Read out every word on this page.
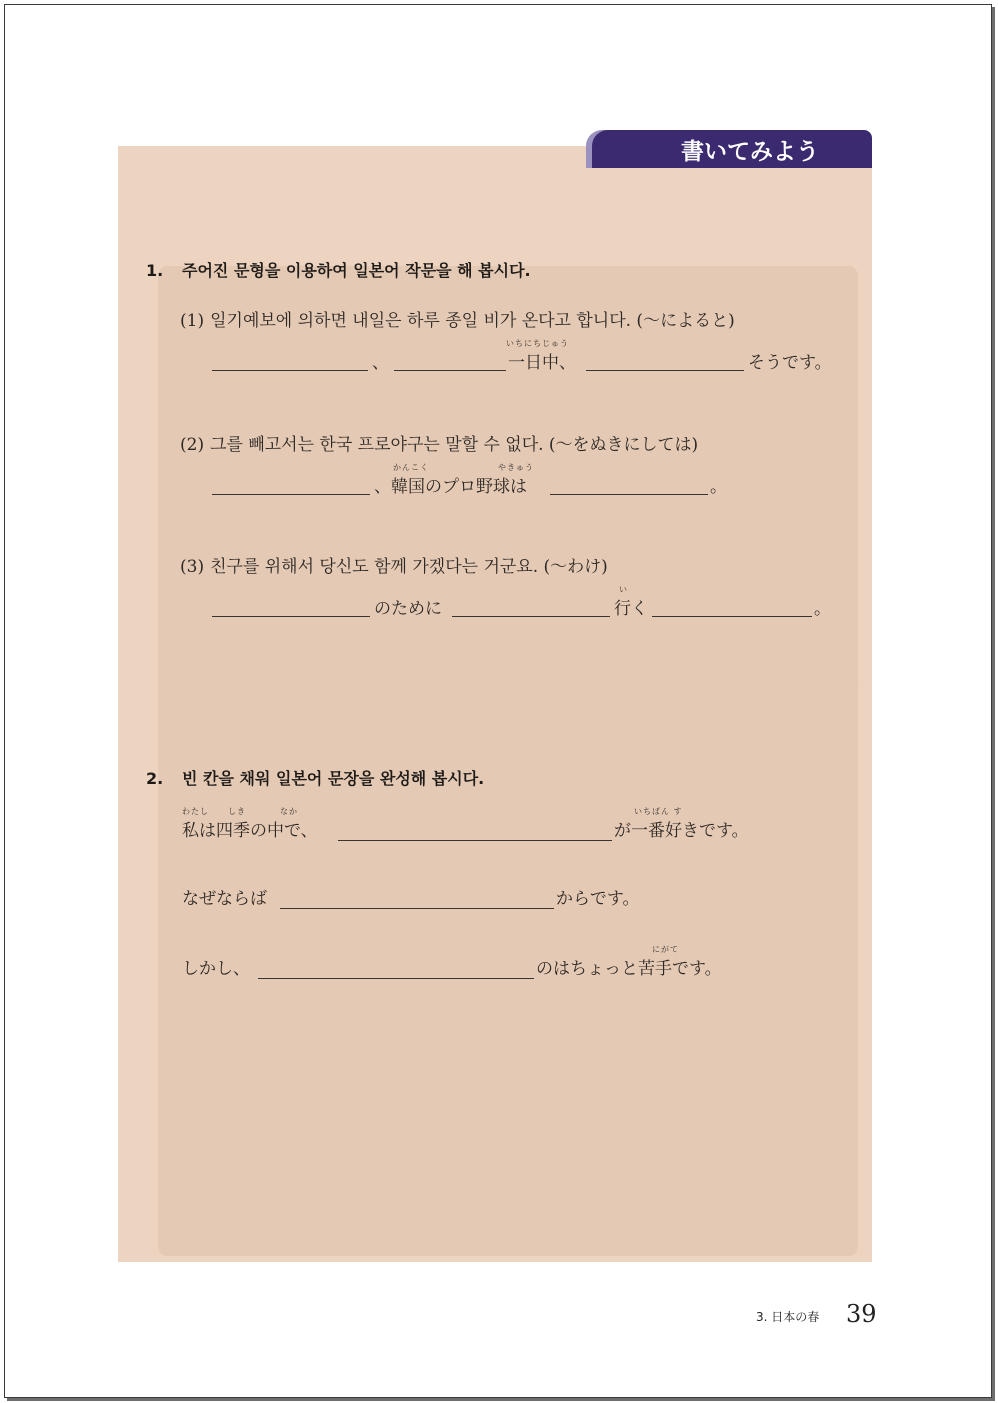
書いてみよう
1. 주어진 문형을 이용하여 일본어 작문을 해 봅시다.
(1) 일기예보에 의하면 내일은 하루 종일 비가 온다고 합니다. (〜によると)
、
いちにちじゅう
一日中、	そうです。
(2) 그를 빼고서는 한국 프로야구는 말할 수 없다. (〜をぬきにしては)
かんこく	やきゅう
、韓国のプロ野球は	。
(3) 친구를 위해서 당신도 함께 가겠다는 거군요. (〜わけ)
のために
い
行く	。
2. 빈 칸을 채워 일본어 문장을 완성해 봅시다.
わたし しき	なか
私は四季の中で、
いちばん す
が一番好きです。
なぜならば	からです。
しかし、
にがて
のはちょっと苦手です。
3. 日本の春 39
